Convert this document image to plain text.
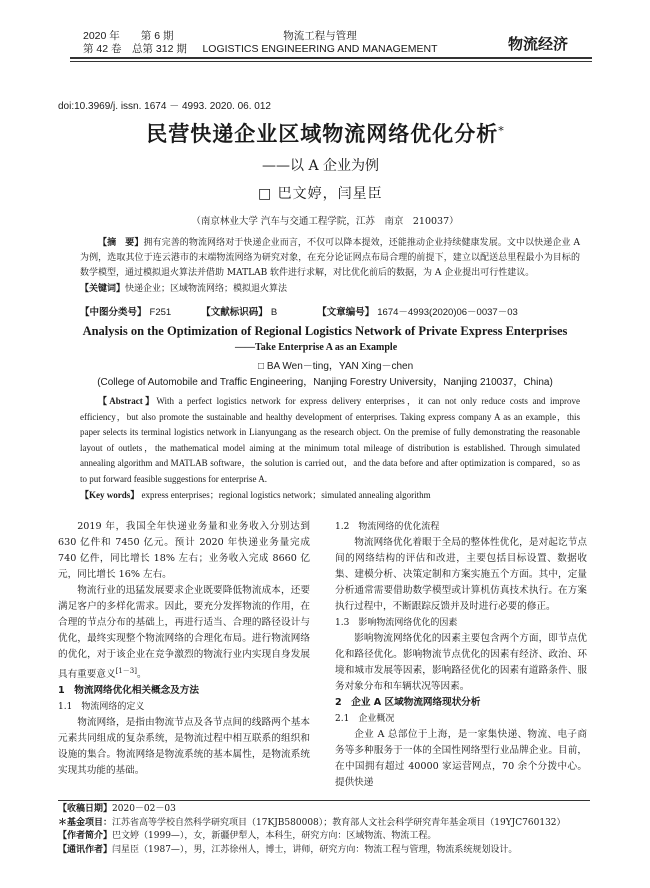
2020 年　　第 6 期
第 42 卷　总第 312 期
物流工程与管理
LOGISTICS ENGINEERING AND MANAGEMENT	物流经济
doi:10.3969/j. issn. 1674 － 4993. 2020. 06. 012
民营快递企业区域物流网络优化分析*
——以 A 企业为例
□ 巴文婷，闫星臣
（南京林业大学 汽车与交通工程学院，江苏　南京　210037）

【摘　要】拥有完善的物流网络对于快递企业而言，不仅可以降本提效，还能推动企业持续健康发展。文中以快递企业 A 为例，选取其位于连云港市的末端物流网络为研究对象，在充分论证网点布局合理的前提下，建立以配送总里程最小为目标的数学模型，通过模拟退火算法并借助 MATLAB 软件进行求解，对比优化前后的数据，为 A 企业提出可行性建议。

【关键词】快递企业；区域物流网络；模拟退火算法

【中图分类号】 F251	【文献标识码】 B	【文章编号】 1674－4993(2020)06－0037－03
Analysis on the Optimization of Regional Logistics Network of Private Express Enterprises
——Take Enterprise A as an Example
□ BA Wen－ting，YAN Xing－chen
(College of Automobile and Traffic Engineering，Nanjing Forestry University，Nanjing 210037，China)

【Abstract】With a perfect logistics network for express delivery enterprises，it can not only reduce costs and improve efficiency，but also promote the sustainable and healthy development of enterprises. Taking express company A as an example，this paper selects its terminal logistics network in Lianyungang as the research object. On the premise of fully demonstrating the reasonable layout of outlets，the mathematical model aiming at the minimum total mileage of distribution is established. Through simulated annealing algorithm and MATLAB software，the solution is carried out，and the data before and after optimization is compared，so as to put forward feasible suggestions for enterprise A.

【Key words】 express enterprises；regional logistics network；simulated annealing algorithm

2019 年，我国全年快递业务量和业务收入分别达到 630 亿件和 7450 亿元。预计 2020 年快递业务量完成 740 亿件，同比增长 18% 左右；业务收入完成 8660 亿元，同比增长 16% 左右。

物流行业的迅猛发展要求企业既要降低物流成本，还要满足客户的多样化需求。因此，要充分发挥物流的作用，在合理的节点分布的基础上，再进行适当、合理的路径设计与优化，最终实现整个物流网络的合理化布局。进行物流网络的优化，对于该企业在竞争激烈的物流行业内实现自身发展具有重要意义[1－3]。

1　物流网络优化相关概念及方法

1.1　物流网络的定义

物流网络，是指由物流节点及各节点间的线路两个基本元素共同组成的复杂系统，是物流过程中相互联系的组织和设施的集合。物流网络是物流系统的基本属性，是物流系统实现其功能的基础。

1.2　物流网络的优化流程

物流网络优化着眼于全局的整体性优化，是对起讫节点间的网络结构的评估和改进，主要包括目标设置、数据收集、建模分析、决策定制和方案实施五个方面。其中，定量分析通常需要借助数学模型或计算机仿真技术执行。在方案执行过程中，不断跟踪反馈并及时进行必要的修正。

1.3　影响物流网络优化的因素

影响物流网络优化的因素主要包含两个方面，即节点优化和路径优化。影响物流节点优化的因素有经济、政治、环境和城市发展等因素，影响路径优化的因素有道路条件、服务对象分布和车辆状况等因素。

2　企业 A 区域物流网络现状分析

2.1　企业概况

企业 A 总部位于上海，是一家集快递、物流、电子商务等多种服务于一体的全国性网络型行业品牌企业。目前，在中国拥有超过 40000 家运营网点，70 余个分拨中心。提供快递

【收稿日期】2020－02－03
＊基金项目：江苏省高等学校自然科学研究项目（17KJB580008）；教育部人文社会科学研究青年基金项目（19YJC760132）
【作者简介】巴文婷（1999—），女，新疆伊犁人，本科生，研究方向：区域物流、物流工程。
【通讯作者】闫星臣（1987—），男，江苏徐州人，博士，讲师，研究方向：物流工程与管理，物流系统规划设计。
